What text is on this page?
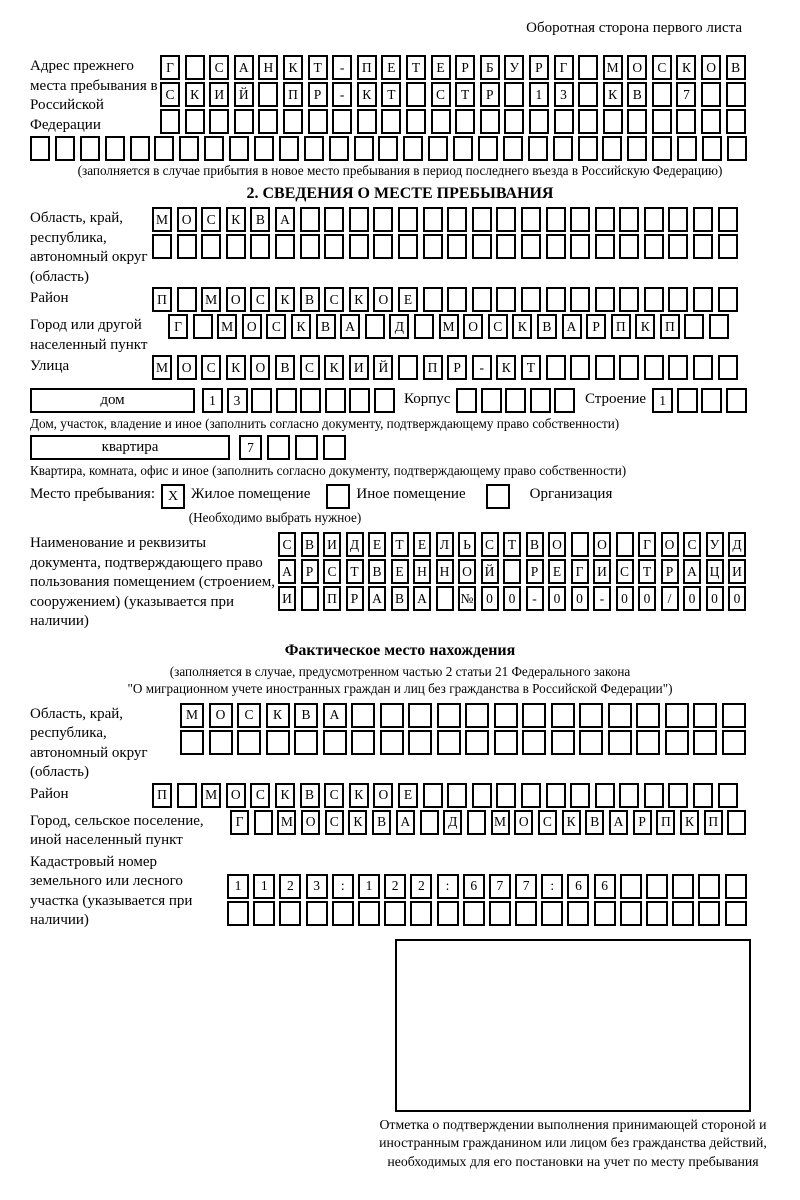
Оборотная сторона первого листа
Адрес прежнего места пребывания в Российской Федерации
Г	С	А	Н	К	Т	-	П	Е	Т	Е	Р	Б	У	Р	Г	М	О	С	К	О	В
С	К	И	Й	П	Р	-	К	Т	С	Т	Р	1	3	К	В	7
(заполняется в случае прибытия в новое место пребывания в период последнего въезда в Российскую Федерацию)
2. СВЕДЕНИЯ О МЕСТЕ ПРЕБЫВАНИЯ
Область, край, республика, автономный округ (область)
М	О	С	К	В	А
Район	П	М	О	С	К	В	С	К	О	Е
Город или другой населенный пункт
Г	М	О	С	К	В	А	Д	М	О	С	К	В	А	Р	П	К	П
Улица	М	О	С	К	О	В	С	К	И	Й	П	Р	-	К	Т
дом	1	3	Корпус	Строение 1
Дом, участок, владение и иное (заполнить согласно документу, подтверждающему право собственности)
квартира	7
Квартира, комната, офис и иное (заполнить согласно документу, подтверждающему право собственности)
Место пребывания: Х Жилое помещение	Иное помещение	Организация
(Необходимо выбрать нужное)
Наименование и реквизиты документа, подтверждающего право пользования помещением (строением, сооружением) (указывается при наличии)
С В И Д	Е	Т	Е	Л	Ь	С	Т	В О	О	Г	О С У Д
А	Р	С	Т	В	Е	Н Н О Й	Р	Е	Г	И С	Т	Р	А Ц И
И	П	Р	А В А	№ 0	0	-	0	0	-	0	0	/	0	0	0
Фактическое место нахождения
(заполняется в случае, предусмотренном частью 2 статьи 21 Федерального закона
"О миграционном учете иностранных граждан и лиц без гражданства в Российской Федерации")
Область, край, республика, автономный округ (область)
М	О	С	К	В	А
Район	П	М	О	С	К	В	С	К	О	Е
Город, сельское поселение, иной населенный пункт
Г	М О	С	К	В	А	Д	М О	С	К	В	А	Р	П	К	П
Кадастровый номер земельного или лесного участка (указывается при наличии)
1	1	2	3	:	1	2	2	:	6	7	7	:	6	6
Отметка о подтверждении выполнения принимающей стороной и иностранным гражданином или лицом без гражданства действий, необходимых для его постановки на учет по месту пребывания
